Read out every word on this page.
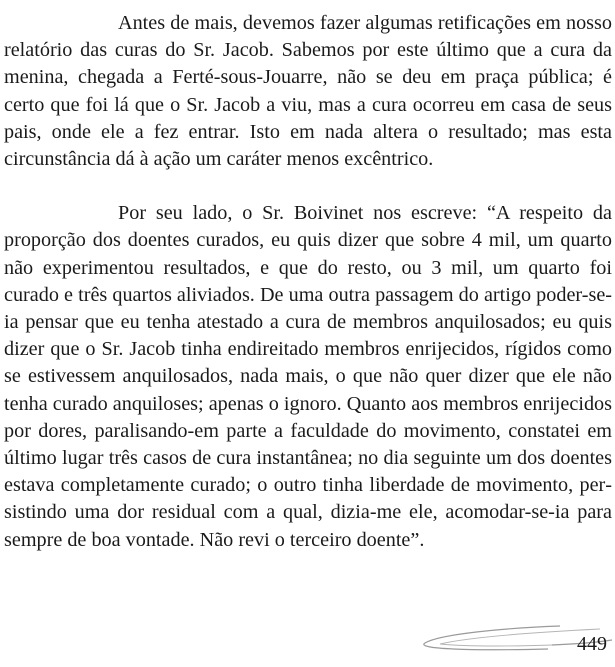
Antes de mais, devemos fazer algumas retificações em nosso relatório das curas do Sr. Jacob. Sabemos por este último que a cura da menina, chegada a Ferté-sous-Jouarre, não se deu em praça pública; é certo que foi lá que o Sr. Jacob a viu, mas a cura ocorreu em casa de seus pais, onde ele a fez entrar. Isto em nada altera o resultado; mas esta circunstância dá à ação um caráter menos excêntrico.

Por seu lado, o Sr. Boivinet nos escreve: “A respeito da proporção dos doentes curados, eu quis dizer que sobre 4 mil, um quarto não experimentou resultados, e que do resto, ou 3 mil, um quarto foi curado e três quartos aliviados. De uma outra passagem do artigo poder-se-ia pensar que eu tenha atestado a cura de membros anquilosados; eu quis dizer que o Sr. Jacob tinha endireitado membros enrijecidos, rígidos como se estivessem anquilosados, nada mais, o que não quer dizer que ele não tenha curado anquiloses; apenas o ignoro. Quanto aos membros enrijecidos por dores, paralisando-em parte a faculdade do movimento, constatei em último lugar três casos de cura instantânea; no dia seguinte um dos doentes estava completamente curado; o outro tinha liberdade de movimento, persistindo uma dor residual com a qual, dizia-me ele, acomodar-se-ia para sempre de boa vontade. Não revi o terceiro doente”.

449
